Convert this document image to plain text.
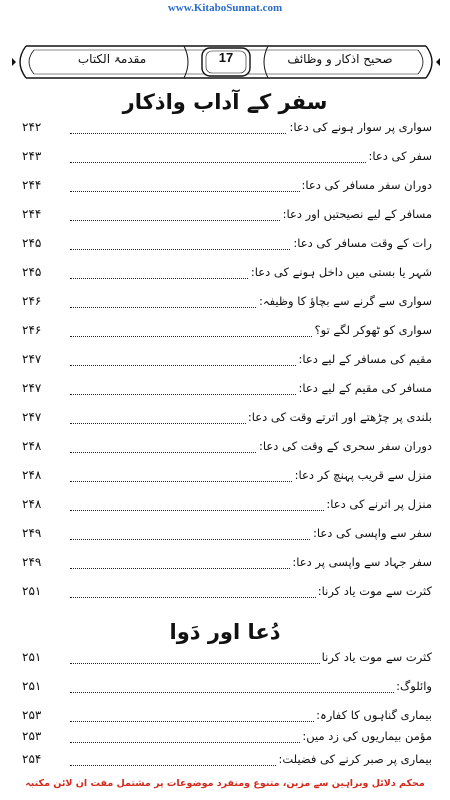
www.KitaboSunnat.com
صحیح اذکار و وظائف
17
مقدمۃ الکتاب
سفر کے آداب واذکار
سواری پر سوار ہونے کی دعا:
۲۴۲
سفر کی دعا:
۲۴۳
دوران سفر مسافر کی دعا:
۲۴۴
مسافر کے لیے نصیحتیں اور دعا:
۲۴۴
رات کے وقت مسافر کی دعا:
۲۴۵
شہر یا بستی میں داخل ہونے کی دعا:
۲۴۵
سواری سے گرنے سے بچاؤ کا وظیفہ:
۲۴۶
سواری کو ٹھوکر لگے تو؟
۲۴۶
مقیم کی مسافر کے لیے دعا:
۲۴۷
مسافر کی مقیم کے لیے دعا:
۲۴۷
بلندی پر چڑھتے اور اترتے وقت کی دعا:
۲۴۷
دوران سفر سحری کے وقت کی دعا:
۲۴۸
منزل سے قریب پہنچ کر دعا:
۲۴۸
منزل پر اترنے کی دعا:
۲۴۸
سفر سے واپسی کی دعا:
۲۴۹
سفر جہاد سے واپسی پر دعا:
۲۴۹
کثرت سے موت یاد کرنا:
۲۵۱
دُعا اور دَوا
کثرت سے موت یاد کرنا
۲۵۱
وائلوگ:
۲۵۱
بیماری گناہوں کا کفارہ:
۲۵۳
مؤمن بیماریوں کی زد میں:
۲۵۳
بیماری پر صبر کرنے کی فضیلت:
۲۵۴
محکم دلائل وبراہین سے مزین، متنوع ومنفرد موضوعات پر مشتمل مفت آن لائن مکتبہ
